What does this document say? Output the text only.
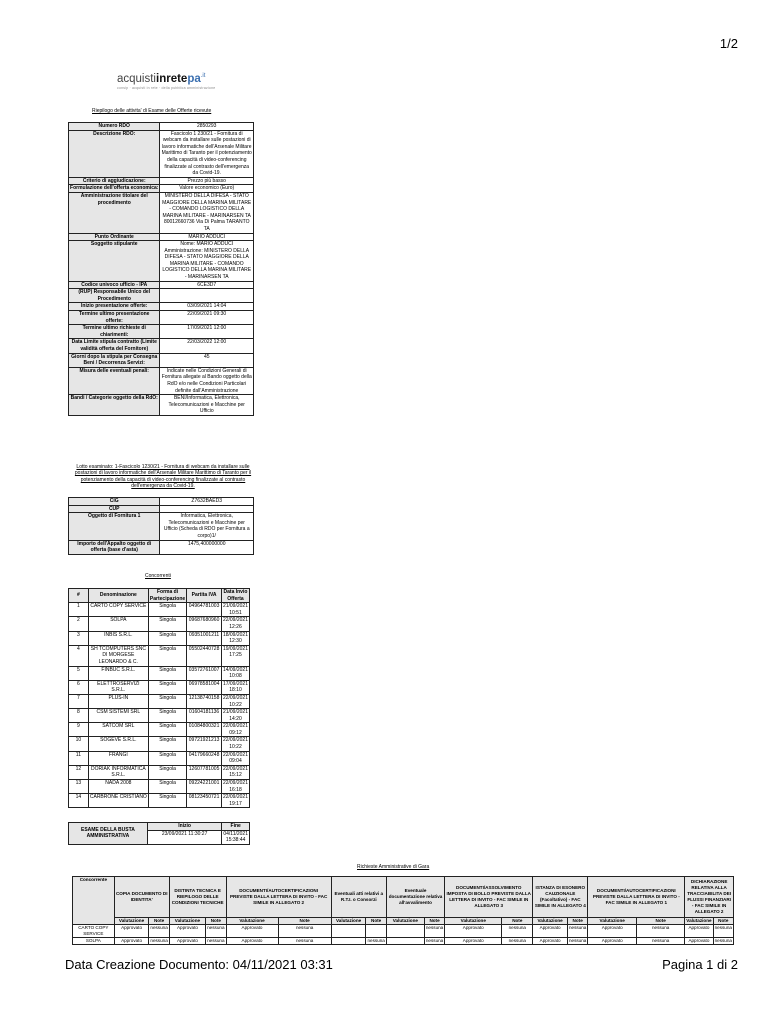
1/2
acquistiinretepa$^{.it}$
consip · acquisti in rete · della pubblica amministrazione
Riepilogo delle attivita' di Esame delle Offerte ricevute
Numero RDO	2850293
Descrizione RDO:	Fascicolo 1 230/21 - Fornitura di webcam da installare sulle postazioni di lavoro informatiche dell'Arsenale Militare Marittimo di Taranto per il potenziamento della capacità di video-conferencing finalizzate al contrasto dell'emergenza da Covid-19.
Criterio di aggiudicazione:	Prezzo più basso
Formulazione dell'offerta economica:	Valore economico (Euro)
Amministrazione titolare del procedimento	MINISTERO DELLA DIFESA - STATO MAGGIORE DELLA MARINA MILITARE - COMANDO LOGISTICO DELLA MARINA MILITARE - MARINARSEN TA 80012660736 Via Di Palma TARANTO TA
Punto Ordinante	MARIO ADDUCI
Soggetto stipulante	Nome: MARIO ADDUCI Amministrazione: MINISTERO DELLA DIFESA - STATO MAGGIORE DELLA MARINA MILITARE - COMANDO LOGISTICO DELLA MARINA MILITARE - MARINARSEN TA
Codice univoco ufficio - IPA	6CE3D7
(RUP) Responsabile Unico del Procedimento	
Inizio presentazione offerte:	03/09/2021 14:04
Termine ultimo presentazione offerte:	22/09/2021 09:30
Termine ultimo richieste di chiarimenti:	17/09/2021 12:00
Data Limite stipula contratto (Limite validità offerta del Fornitore)	22/03/2022 12:00
Giorni dopo la stipula per Consegna Beni / Decorrenza Servizi:	45
Misura delle eventuali penali:	Indicate nelle Condizioni Generali di Fornitura allegate al Bando oggetto della RdO e/o nelle Condizioni Particolari definite dall'Amministrazione
Bandi / Categorie oggetto della RdO:	BENI/Informatica, Elettronica, Telecomunicazioni e Macchine per Ufficio
Lotto esaminato: 1-Fascicolo 1230/21 - Fornitura di webcam da installare sulle postazioni di lavoro informatiche dell'Arsenale Militare Marittimo di Taranto per il potenziamento della capacità di video-conferencing finalizzate al contrasto dell'emergenza da Covid-19.
CIG	Z7632BAED3
CUP	
Oggetto di Fornitura 1	Informatica, Elettronica, Telecomunicazioni e Macchine per Ufficio (Scheda di RDO per Fornitura a corpo)1/
Importo dell'Appalto oggetto di offerta (base d'asta)	1475,400000000
Concorrenti
#	Denominazione	Forma di Partecipazione	Partita IVA	Data Invio Offerta
1	CARTO COPY SERVICE	Singola	04964781003	21/09/2021 10:51
2	SOLPA	Singola	09687680960	22/09/2021 12:26
3	INBIS S.R.L.	Singola	09351001211	18/09/2021 12:30
4	SH TCOMPUTERS SNC DI MORGESE LEONARDO & C.	Singola	05502440728	19/09/2021 17:25
5	FINBUC S.R.L.	Singola	03572761007	14/09/2021 10:08
6	ELETTROSERVIZI S.R.L.	Singola	06978581004	17/09/2021 18:10
7	PLUS-IN	Singola	12138740158	22/09/2021 10:22
8	CSM SISTEMI SRL	Singola	01604181136	21/09/2021 14:20
9	SATCOM SRL	Singola	01084800321	22/09/2021 09:12
10	SOGEVE S.R.L.	Singola	09721921213	22/09/2021 10:22
11	FRANGI	Singola	04179660248	22/09/2021 09:04
12	DORIAK INFORMATICA S.R.L.	Singola	12607781005	22/09/2021 15:12
13	NADA 2008	Singola	09224221001	22/09/2021 16:18
14	CARBRONE CRISTIANO	Singola	08123450721	22/09/2021 19:17
ESAME DELLA BUSTA AMMINISTRATIVA	Inizio	Fine
	23/09/2021 11:30:27	04/11/2021 15:38:44
Richieste Amministrative di Gara
Concorrente	COPIA DOCUMENTO DI IDENTITA'		DISTINTA TECNICA E RIEPILOGO DELLE CONDIZIONI TECNICHE		DOCUMENTI/AUTOCERTIFICAZIONI PREVISTE DALLA LETTERA DI INVITO - FAC SIMILE IN ALLEGATO 2		Eventuali atti relativi a R.T.I. o Consorzi		Eventuale documentazione relativa all'avvalimento		DOCUMENTI/ASSOLVIMENTO IMPOSTA DI BOLLO PREVISTE DALLA LETTERA DI INVITO - FAC SIMILE IN ALLEGATO 3		ISTANZA DI ESONERO CAUZIONALE (Facoltativo) - FAC SIMILE IN ALLEGATO 4		DOCUMENTI/AUTOCERTIFICAZIONI PREVISTE DALLA LETTERA DI INVITO - FAC SIMILE IN ALLEGATO 1		DICHIARAZIONE RELATIVA ALLA TRACCIABILITA DEI FLUSSI FINANZIARI - FAC SIMILE IN ALLEGATO 2	
	Valutazione	Note	Valutazione	Note	Valutazione	Note	Valutazione	Note	Valutazione	Note	Valutazione	Note	Valutazione	Note	Valutazione	Note	Valutazione	Note
CARTO COPY SERVICE	Approvato	nessuna	Approvato	nessuna	Approvato	nessuna				nessuna	Approvato	nessuna	Approvato	nessuna	Approvato	nessuna	Approvato	nessuna
SOLPA	Approvato	nessuna	Approvato	nessuna	Approvato	nessuna		nessuna		nessuna	Approvato	nessuna	Approvato	nessuna	Approvato	nessuna	Approvato	nessuna
Data Creazione Documento: 04/11/2021 03:31	Pagina 1 di 2
